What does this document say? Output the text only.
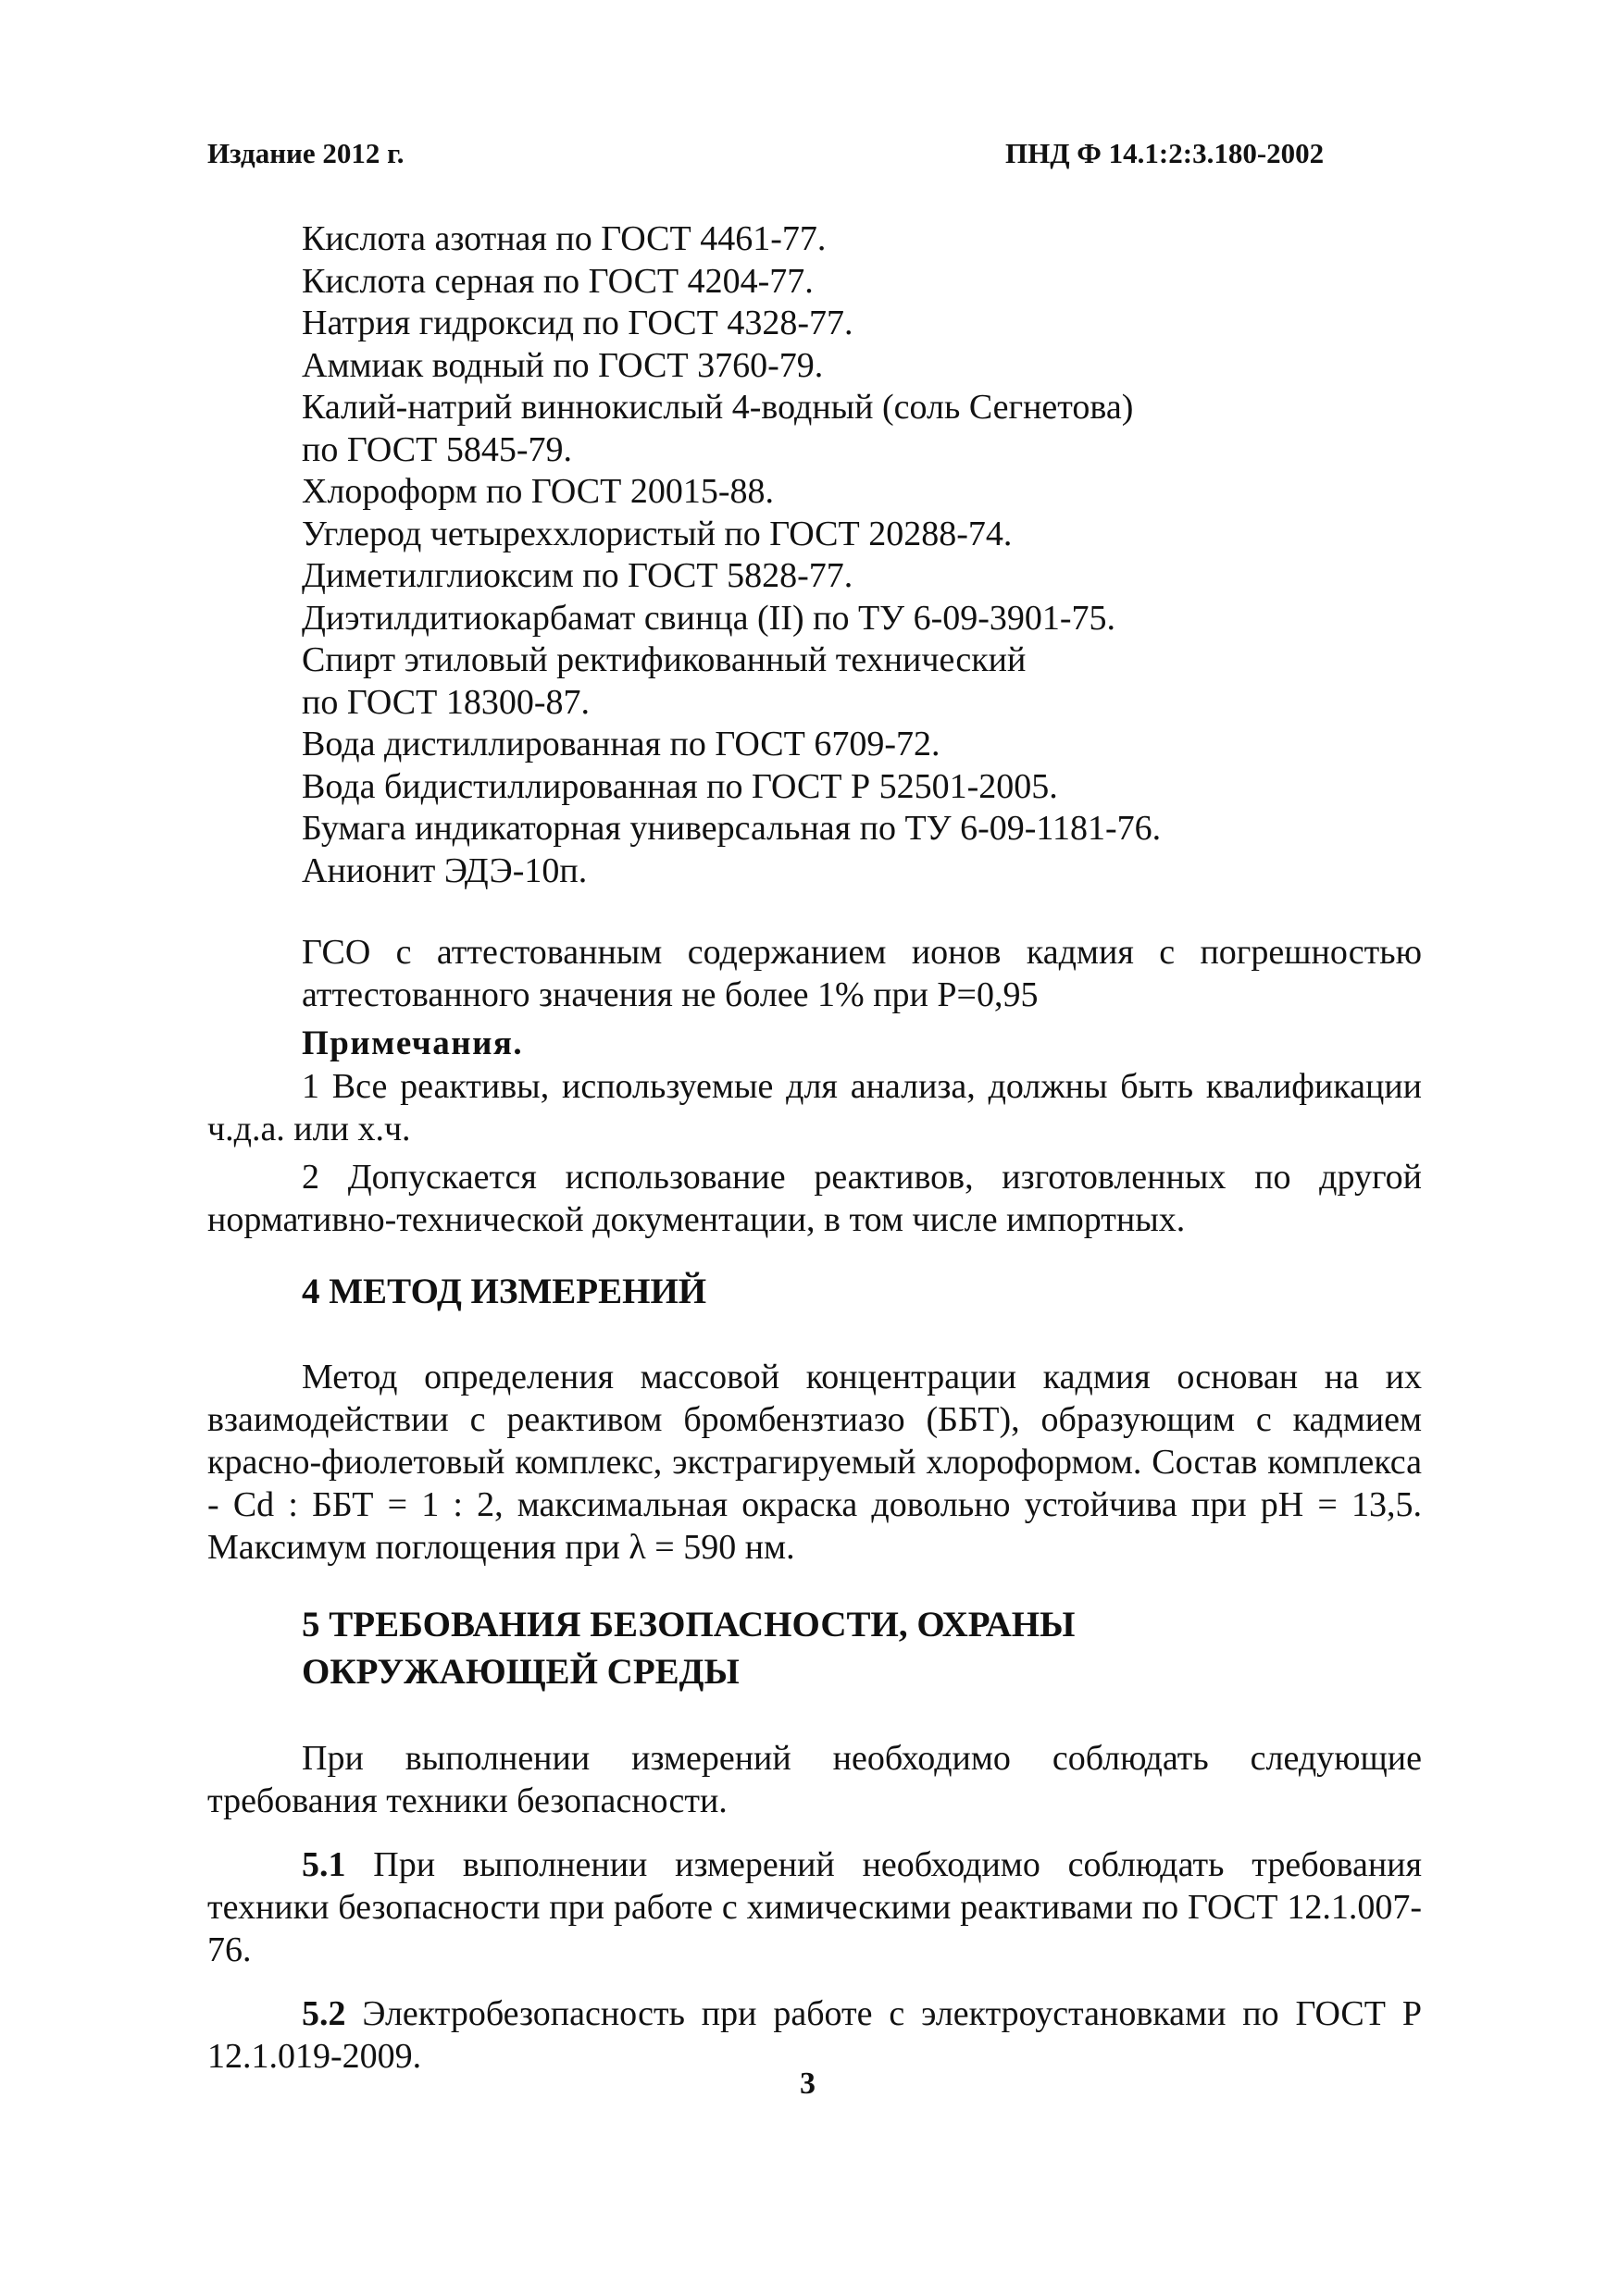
Издание 2012 г.	ПНД Ф 14.1:2:3.180-2002
Кислота азотная по ГОСТ 4461-77.
Кислота серная по ГОСТ 4204-77.
Натрия гидроксид по ГОСТ 4328-77.
Аммиак водный по ГОСТ 3760-79.
Калий-натрий виннокислый 4-водный (соль Сегнетова)
по ГОСТ 5845-79.
Хлороформ по ГОСТ 20015-88.
Углерод четыреххлористый по ГОСТ 20288-74.
Диметилглиоксим по ГОСТ 5828-77.
Диэтилдитиокарбамат свинца (II) по ТУ 6-09-3901-75.
Спирт этиловый ректификованный технический
по ГОСТ 18300-87.
Вода дистиллированная по ГОСТ 6709-72.
Вода бидистиллированная по ГОСТ Р 52501-2005.
Бумага индикаторная универсальная по ТУ 6-09-1181-76.
Анионит ЭДЭ-10п.

ГСО с аттестованным содержанием ионов кадмия с погрешностью аттестованного значения не более 1% при Р=0,95

Примечания.

1 Все реактивы, используемые для анализа, должны быть квалификации ч.д.а. или х.ч.

2 Допускается использование реактивов, изготовленных по другой нормативно-технической документации, в том числе импортных.

4 МЕТОД ИЗМЕРЕНИЙ

Метод определения массовой концентрации кадмия основан на их взаимодействии с реактивом бромбензтиазо (ББТ), образующим с кадмием красно-фиолетовый комплекс, экстрагируемый хлороформом. Состав комплекса - Cd : ББТ = 1 : 2, максимальная окраска довольно устойчива при рН = 13,5. Максимум поглощения при λ = 590 нм.

5 ТРЕБОВАНИЯ БЕЗОПАСНОСТИ, ОХРАНЫ
ОКРУЖАЮЩЕЙ СРЕДЫ

При выполнении измерений необходимо соблюдать следующие требования техники безопасности.

5.1 При выполнении измерений необходимо соблюдать требования техники безопасности при работе с химическими реактивами по ГОСТ 12.1.007-76.

5.2 Электробезопасность при работе с электроустановками по ГОСТ Р 12.1.019-2009.

3
